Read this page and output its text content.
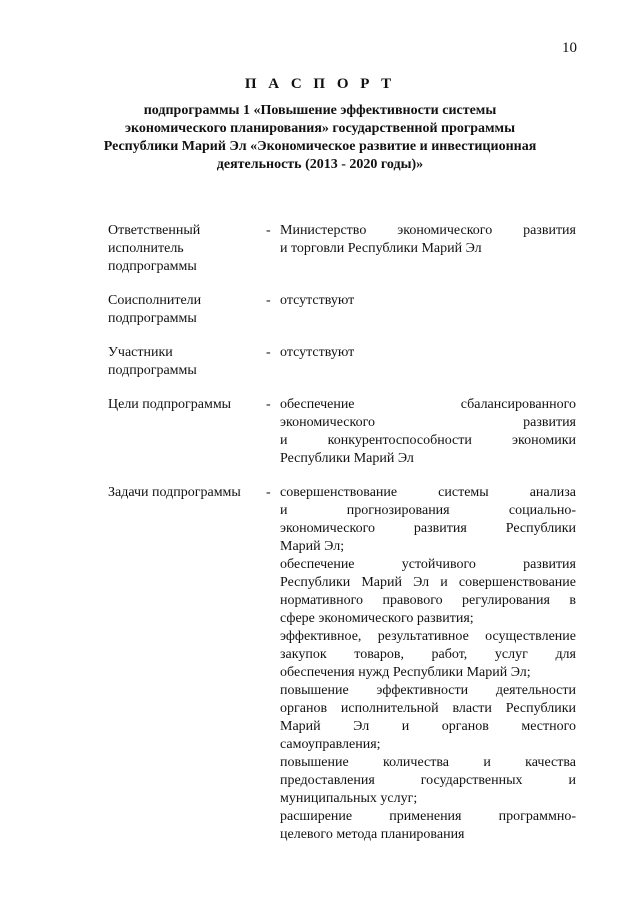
10
П А С П О Р Т
подпрограммы 1 «Повышение эффективности системы
экономического планирования» государственной программы
Республики Марий Эл «Экономическое развитие и инвестиционная
деятельность (2013 - 2020 годы)»
Ответственный
исполнитель
подпрограммы
- Министерство экономического развития
и торговли Республики Марий Эл
Соисполнители
подпрограммы
- отсутствуют
Участники
подпрограммы
- отсутствуют
Цели подпрограммы	- обеспечение сбалансированного
экономического развития
и конкурентоспособности экономики
Республики Марий Эл
Задачи подпрограммы	- совершенствование системы анализа
и прогнозирования социально-
экономического развития Республики
Марий Эл;
обеспечение устойчивого развития
Республики Марий Эл и совершенствование
нормативного правового регулирования в
сфере экономического развития;
эффективное, результативное осуществление
закупок товаров, работ, услуг для
обеспечения нужд Республики Марий Эл;
повышение эффективности деятельности
органов исполнительной власти Республики
Марий Эл и органов местного
самоуправления;
повышение количества и качества
предоставления государственных и
муниципальных услуг;
расширение применения программно-
целевого метода планирования
